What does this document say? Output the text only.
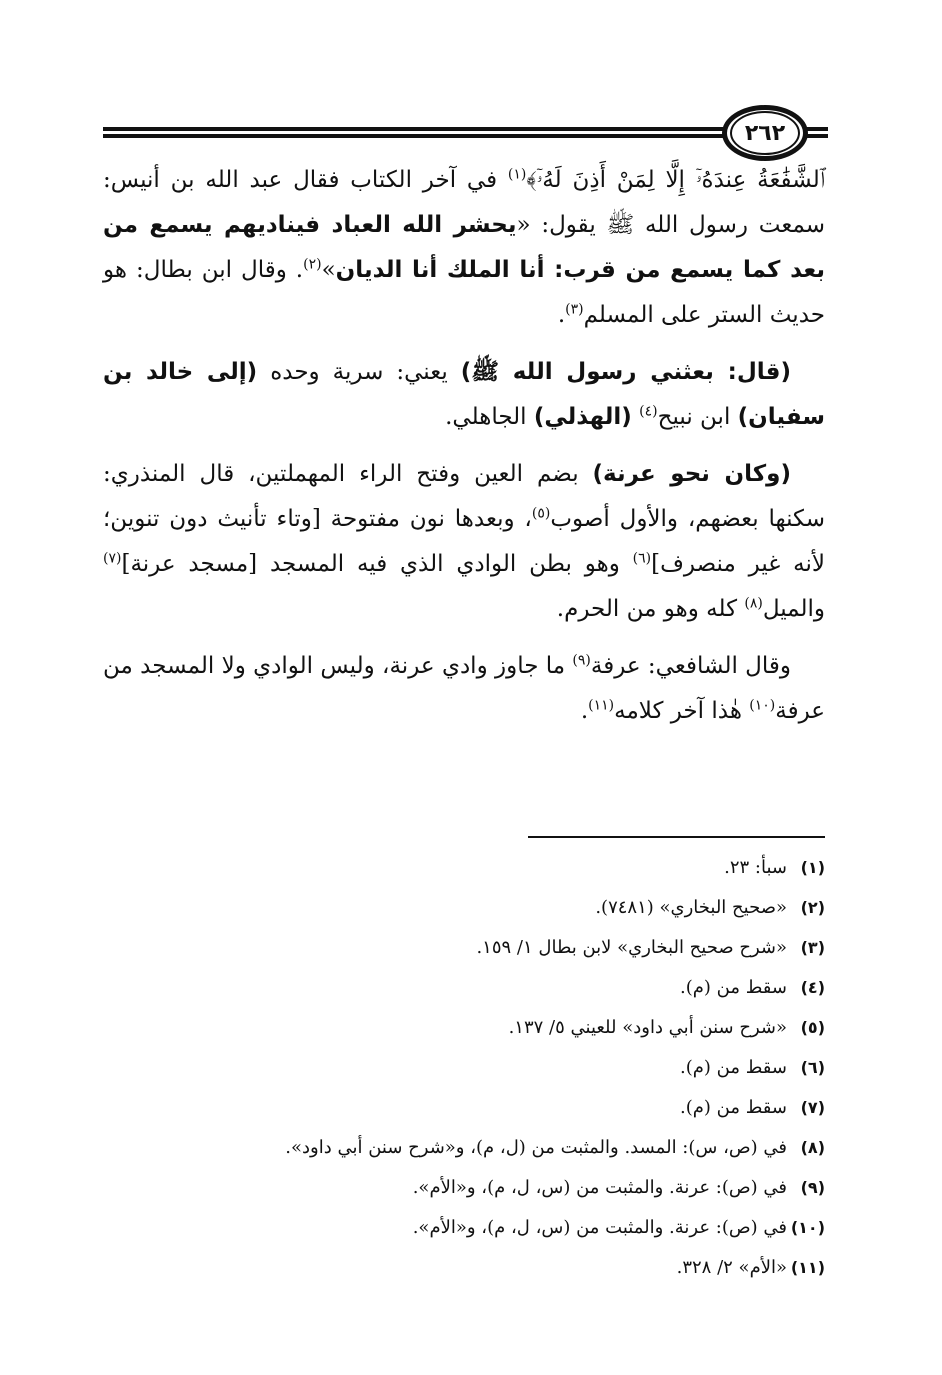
٢٦٢

ٱلشَّفَٰعَةُ عِندَهُۥٓ إِلَّا لِمَنْ أَذِنَ لَهُۥٓ﴾$^{(١)}$ في آخر الكتاب فقال عبد الله بن أنيس: سمعت رسول الله ﷺ يقول: «يحشر الله العباد فيناديهم يسمع من بعد كما يسمع من قرب: أنا الملك أنا الديان»$^{(٢)}$. وقال ابن بطال: هو حديث الستر على المسلم$^{(٣)}$.

(قال: بعثني رسول الله ﷺ) يعني: سرية وحده (إلى خالد بن سفيان) ابن نبيح$^{(٤)}$ (الهذلي) الجاهلي.

(وكان نحو عرنة) بضم العين وفتح الراء المهملتين، قال المنذري: سكنها بعضهم، والأول أصوب$^{(٥)}$، وبعدها نون مفتوحة [وتاء تأنيث دون تنوين؛ لأنه غير منصرف]$^{(٦)}$ وهو بطن الوادي الذي فيه المسجد [مسجد عرنة]$^{(٧)}$ والميل$^{(٨)}$ كله وهو من الحرم.

وقال الشافعي: عرفة$^{(٩)}$ ما جاوز وادي عرنة، وليس الوادي ولا المسجد من عرفة$^{(١٠)}$ هٰذا آخر كلامه$^{(١١)}$.

(١)
سبأ: ٢٣.
(٢)
«صحيح البخاري» (٧٤٨١).
(٣)
«شرح صحيح البخاري» لابن بطال ١/ ١٥٩.
(٤)
سقط من (م).
(٥)
«شرح سنن أبي داود» للعيني ٥/ ١٣٧.
(٦)
سقط من (م).
(٧)
سقط من (م).
(٨)
في (ص، س): المسد. والمثبت من (ل، م)، و«شرح سنن أبي داود».
(٩)
في (ص): عرنة. والمثبت من (س، ل، م)، و«الأم».
(١٠)
في (ص): عرنة. والمثبت من (س، ل، م)، و«الأم».
(١١)
«الأم» ٢/ ٣٢٨.
